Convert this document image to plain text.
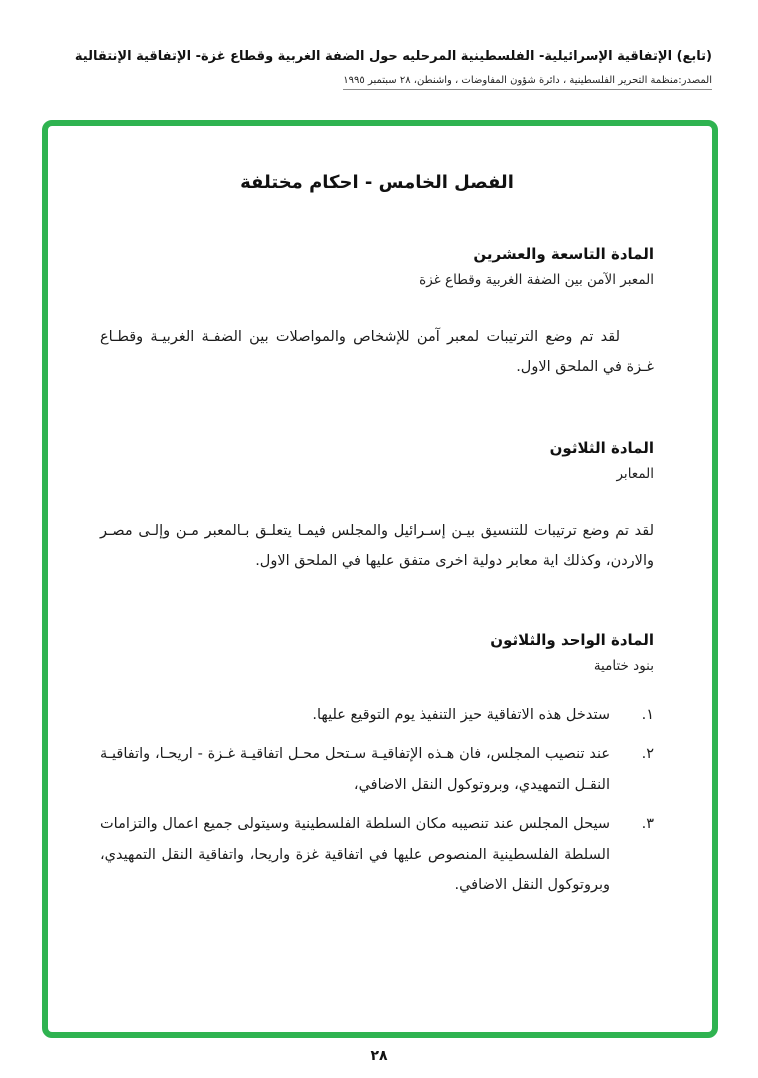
(تابع) الإتفاقية الإسرائيلية- الفلسطينية المرحليه حول الضفة الغربية وقطاع غزة- الإتفاقية الإنتقالية
المصدر:منظمة التحرير الفلسطينية ، دائرة شؤون المفاوضات ، واشنطن، ٢٨ سبتمبر ١٩٩٥
الفصل الخامس - احكام مختلفة
المادة التاسعة والعشرين
المعبر الآمن بين الضفة الغربية وقطاع غزة

لقد تم وضع الترتيبات لمعبر آمن للإشخاص والمواصلات بين الضفـة الغربيـة وقطـاع غـزة في الملحق الاول.

المادة الثلاثون
المعابر

لقد تم وضع ترتيبات للتنسيق بيـن إسـرائيل والمجلس فيمـا يتعلـق بـالمعبر مـن وإلـى مصـر والاردن، وكذلك اية معابر دولية اخرى متفق عليها في الملحق الاول.

المادة الواحد والثلاثون
بنود ختامية
١.
ستدخل هذه الاتفاقية حيز التنفيذ يوم التوقيع عليها.
٢.
عند تنصيب المجلس، فان هـذه الإتفاقيـة سـتحل محـل اتفاقيـة غـزة - اريحـا، واتفاقيـة النقـل التمهيدي، وبروتوكول النقل الاضافي،
٣.
سيحل المجلس عند تنصيبه مكان السلطة الفلسطينية وسيتولى جميع اعمال والتزامات السلطة الفلسطينية المنصوص عليها في اتفاقية غزة واريحا، واتفاقية النقل التمهيدي، وبروتوكول النقل الاضافي.
٢٨
